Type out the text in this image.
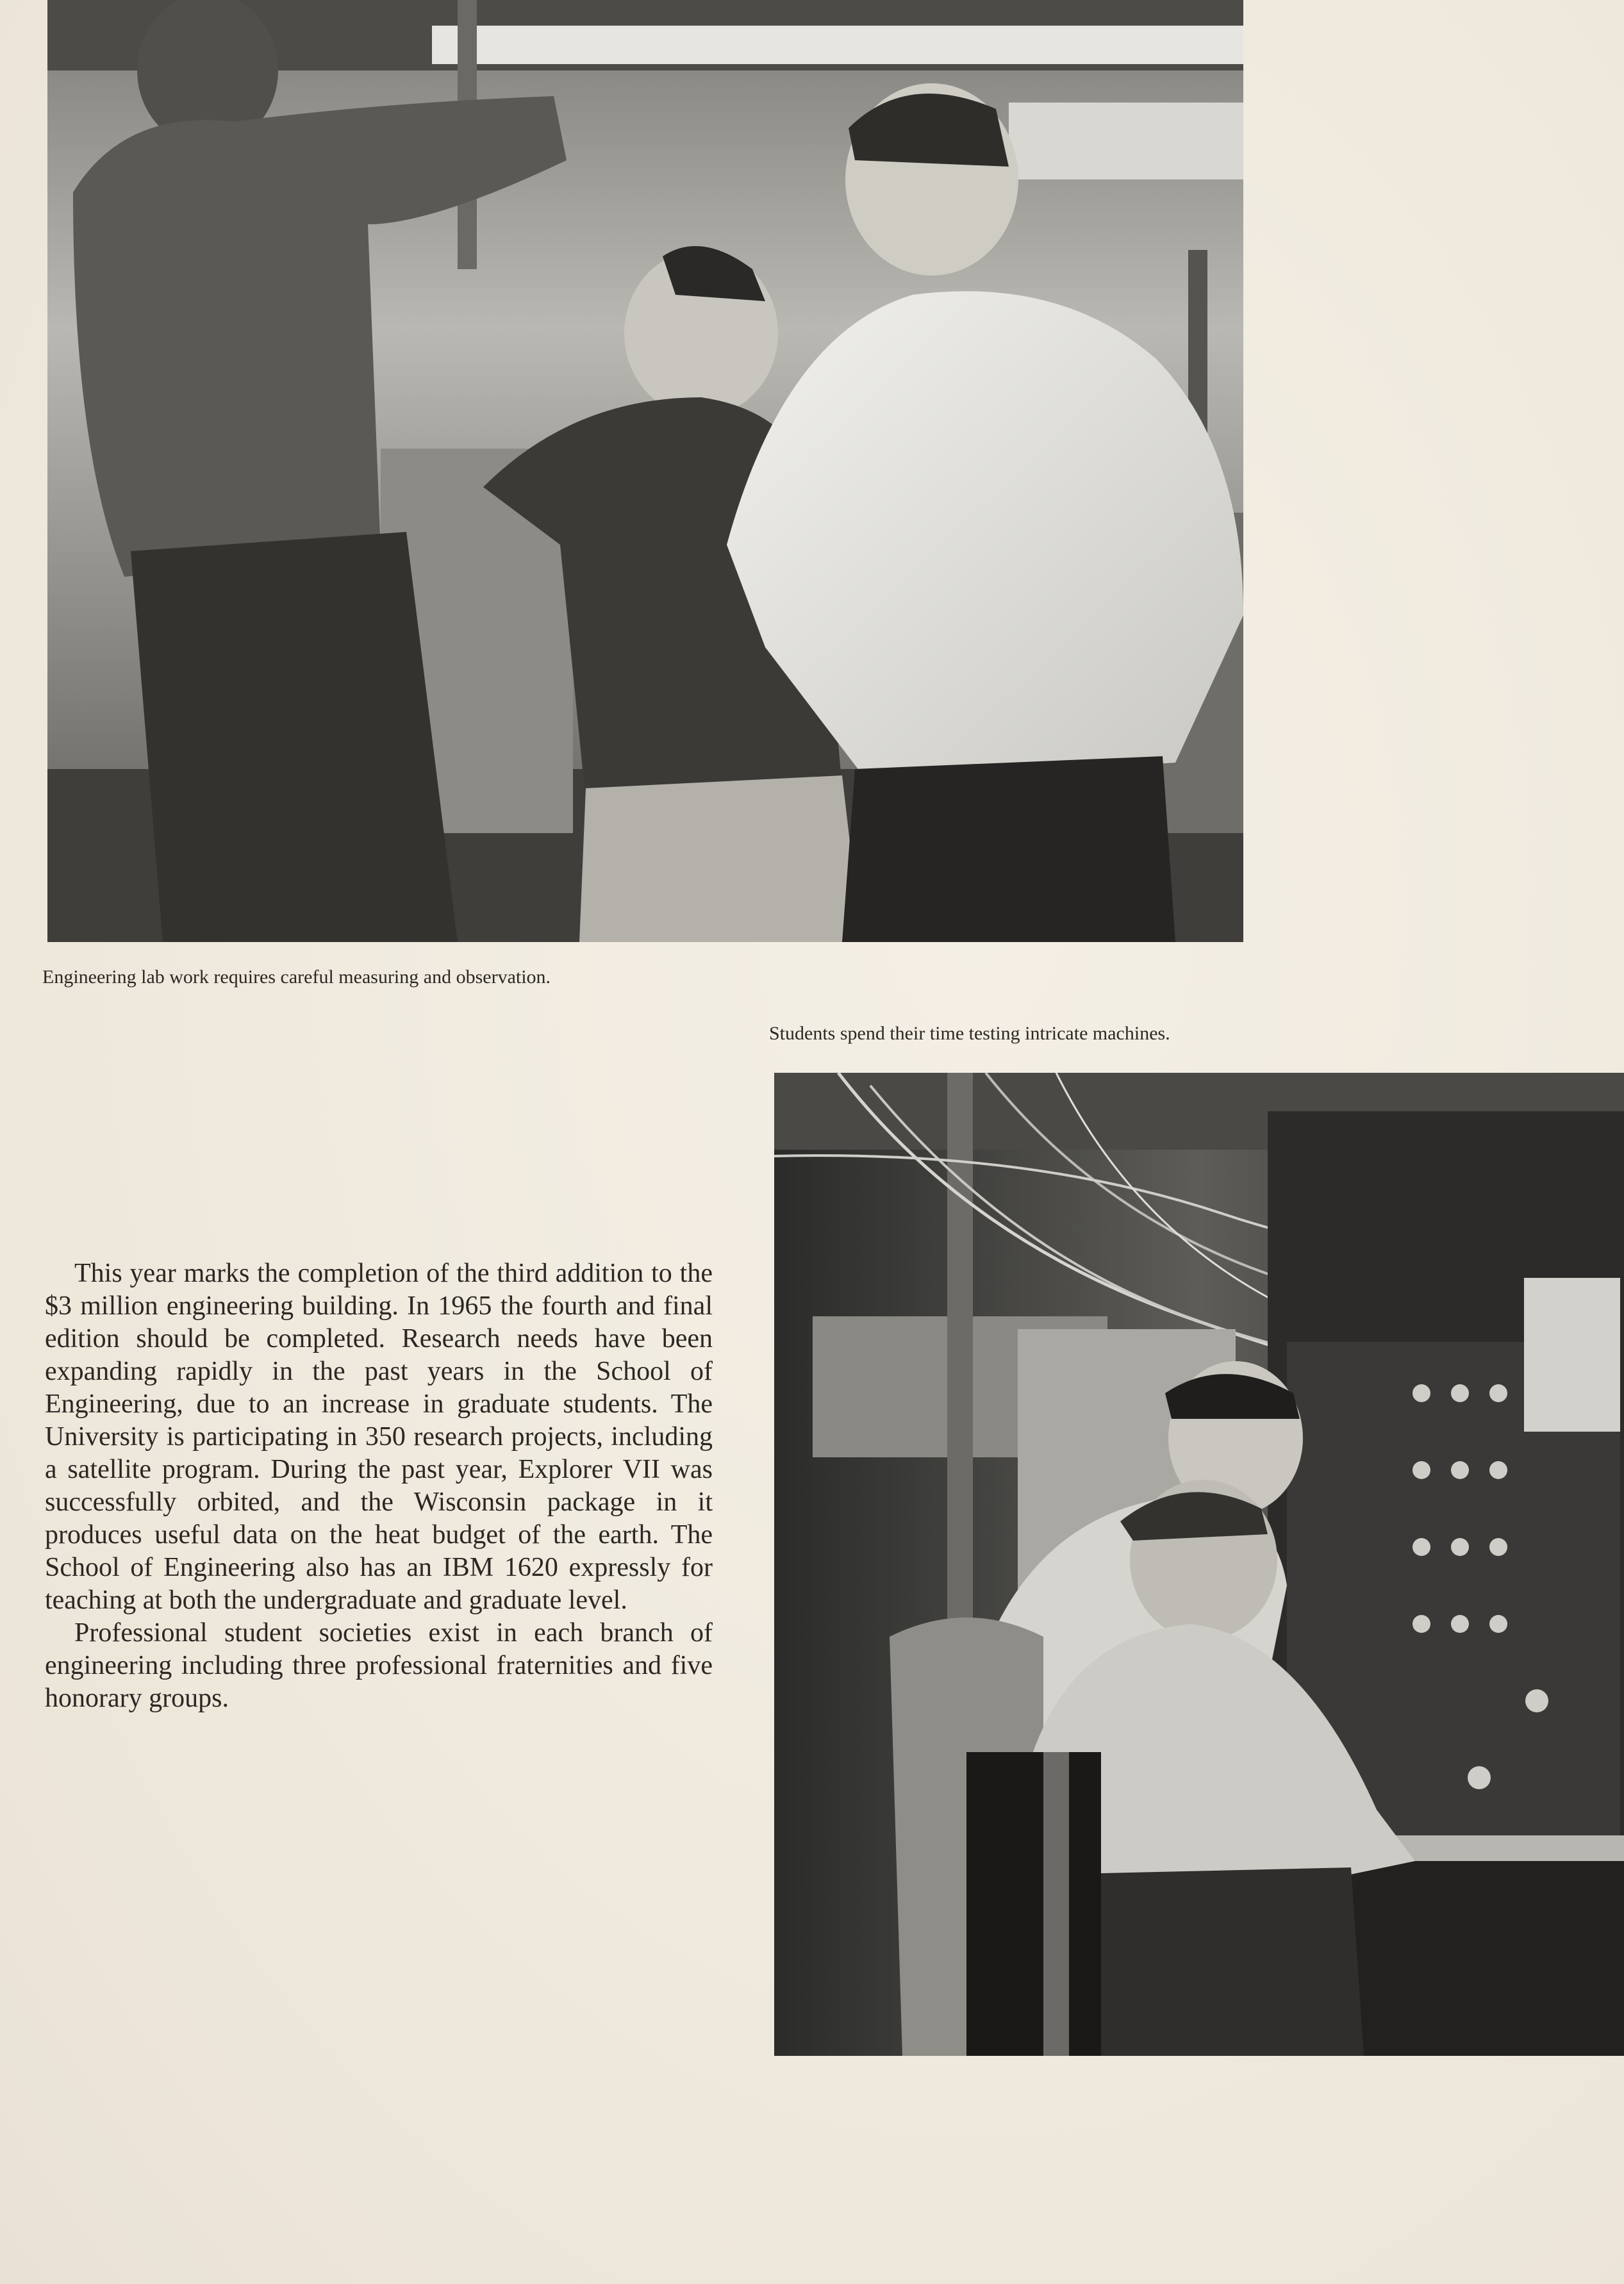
Engineering lab work requires careful measuring and observation.
Students spend their time testing intricate machines.

This year marks the completion of the third addition to the $3 million engineering building. In 1965 the fourth and final edition should be completed. Research needs have been expanding rapidly in the past years in the School of Engineering, due to an increase in graduate students. The University is participating in 350 research projects, including a satellite program. During the past year, Explorer VII was successfully orbited, and the Wisconsin package in it produces useful data on the heat budget of the earth. The School of Engineering also has an IBM 1620 expressly for teaching at both the undergraduate and graduate level.

Professional student societies exist in each branch of engineering including three professional fraternities and five honorary groups.
